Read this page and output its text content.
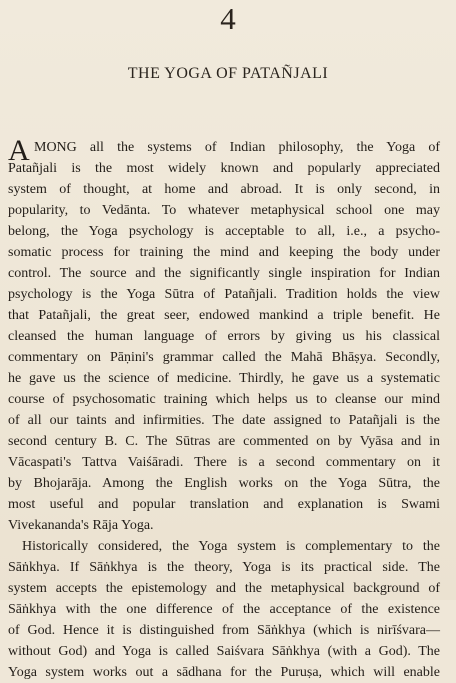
4
THE YOGA OF PATAÑJALI
A MONG all the systems of Indian philosophy, the Yoga of
Patañjali is the most widely known and popularly appreciated
system of thought, at home and abroad. It is only second, in
popularity, to Vedānta. To whatever metaphysical school one may
belong, the Yoga psychology is acceptable to all, i.e., a psycho-
somatic process for training the mind and keeping the body under
control. The source and the significantly single inspiration for Indian
psychology is the Yoga Sūtra of Patañjali. Tradition holds the view
that Patañjali, the great seer, endowed mankind a triple benefit. He
cleansed the human language of errors by giving us his classical
commentary on Pāṇini's grammar called the Mahā Bhāṣya. Secondly,
he gave us the science of medicine. Thirdly, he gave us a systematic
course of psychosomatic training which helps us to cleanse our mind
of all our taints and infirmities. The date assigned to Patañjali is the
second century B. C. The Sūtras are commented on by Vyāsa and in
Vācaspati's Tattva Vaiśāradi. There is a second commentary on it
by Bhojarāja. Among the English works on the Yoga Sūtra, the
most useful and popular translation and explanation is Swami
Vivekananda's Rāja Yoga.
Historically considered, the Yoga system is complementary to the
Sāṅkhya. If Sāṅkhya is the theory, Yoga is its practical side. The
system accepts the epistemology and the metaphysical background of
Sāṅkhya with the one difference of the acceptance of the existence
of God. Hence it is distinguished from Sāṅkhya (which is nirīśvara—
without God) and Yoga is called Saiśvara Sāṅkhya (with a God). The
Yoga system works out a sādhana for the Puruṣa, which will enable
